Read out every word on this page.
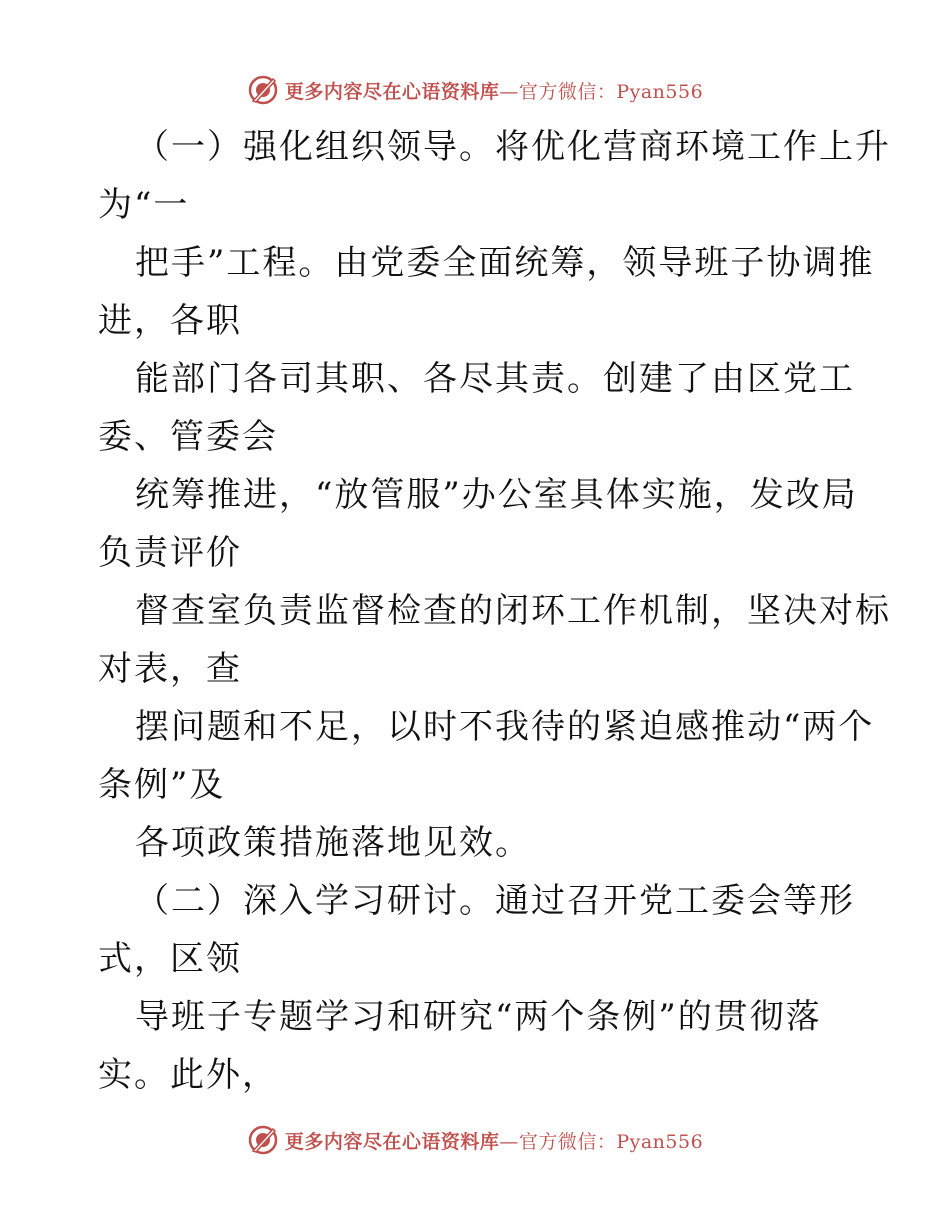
更多内容尽在心语资料库—官方微信：Pyan556
（一）强化组织领导。将优化营商环境工作上升
为“一
把手”工程。由党委全面统筹，领导班子协调推
进，各职
能部门各司其职、各尽其责。创建了由区党工
委、管委会
统筹推进，“放管服”办公室具体实施，发改局
负责评价
督查室负责监督检查的闭环工作机制，坚决对标
对表，查
摆问题和不足，以时不我待的紧迫感推动“两个
条例”及
各项政策措施落地见效。
（二）深入学习研讨。通过召开党工委会等形
式，区领
导班子专题学习和研究“两个条例”的贯彻落
实。此外，
更多内容尽在心语资料库—官方微信：Pyan556
